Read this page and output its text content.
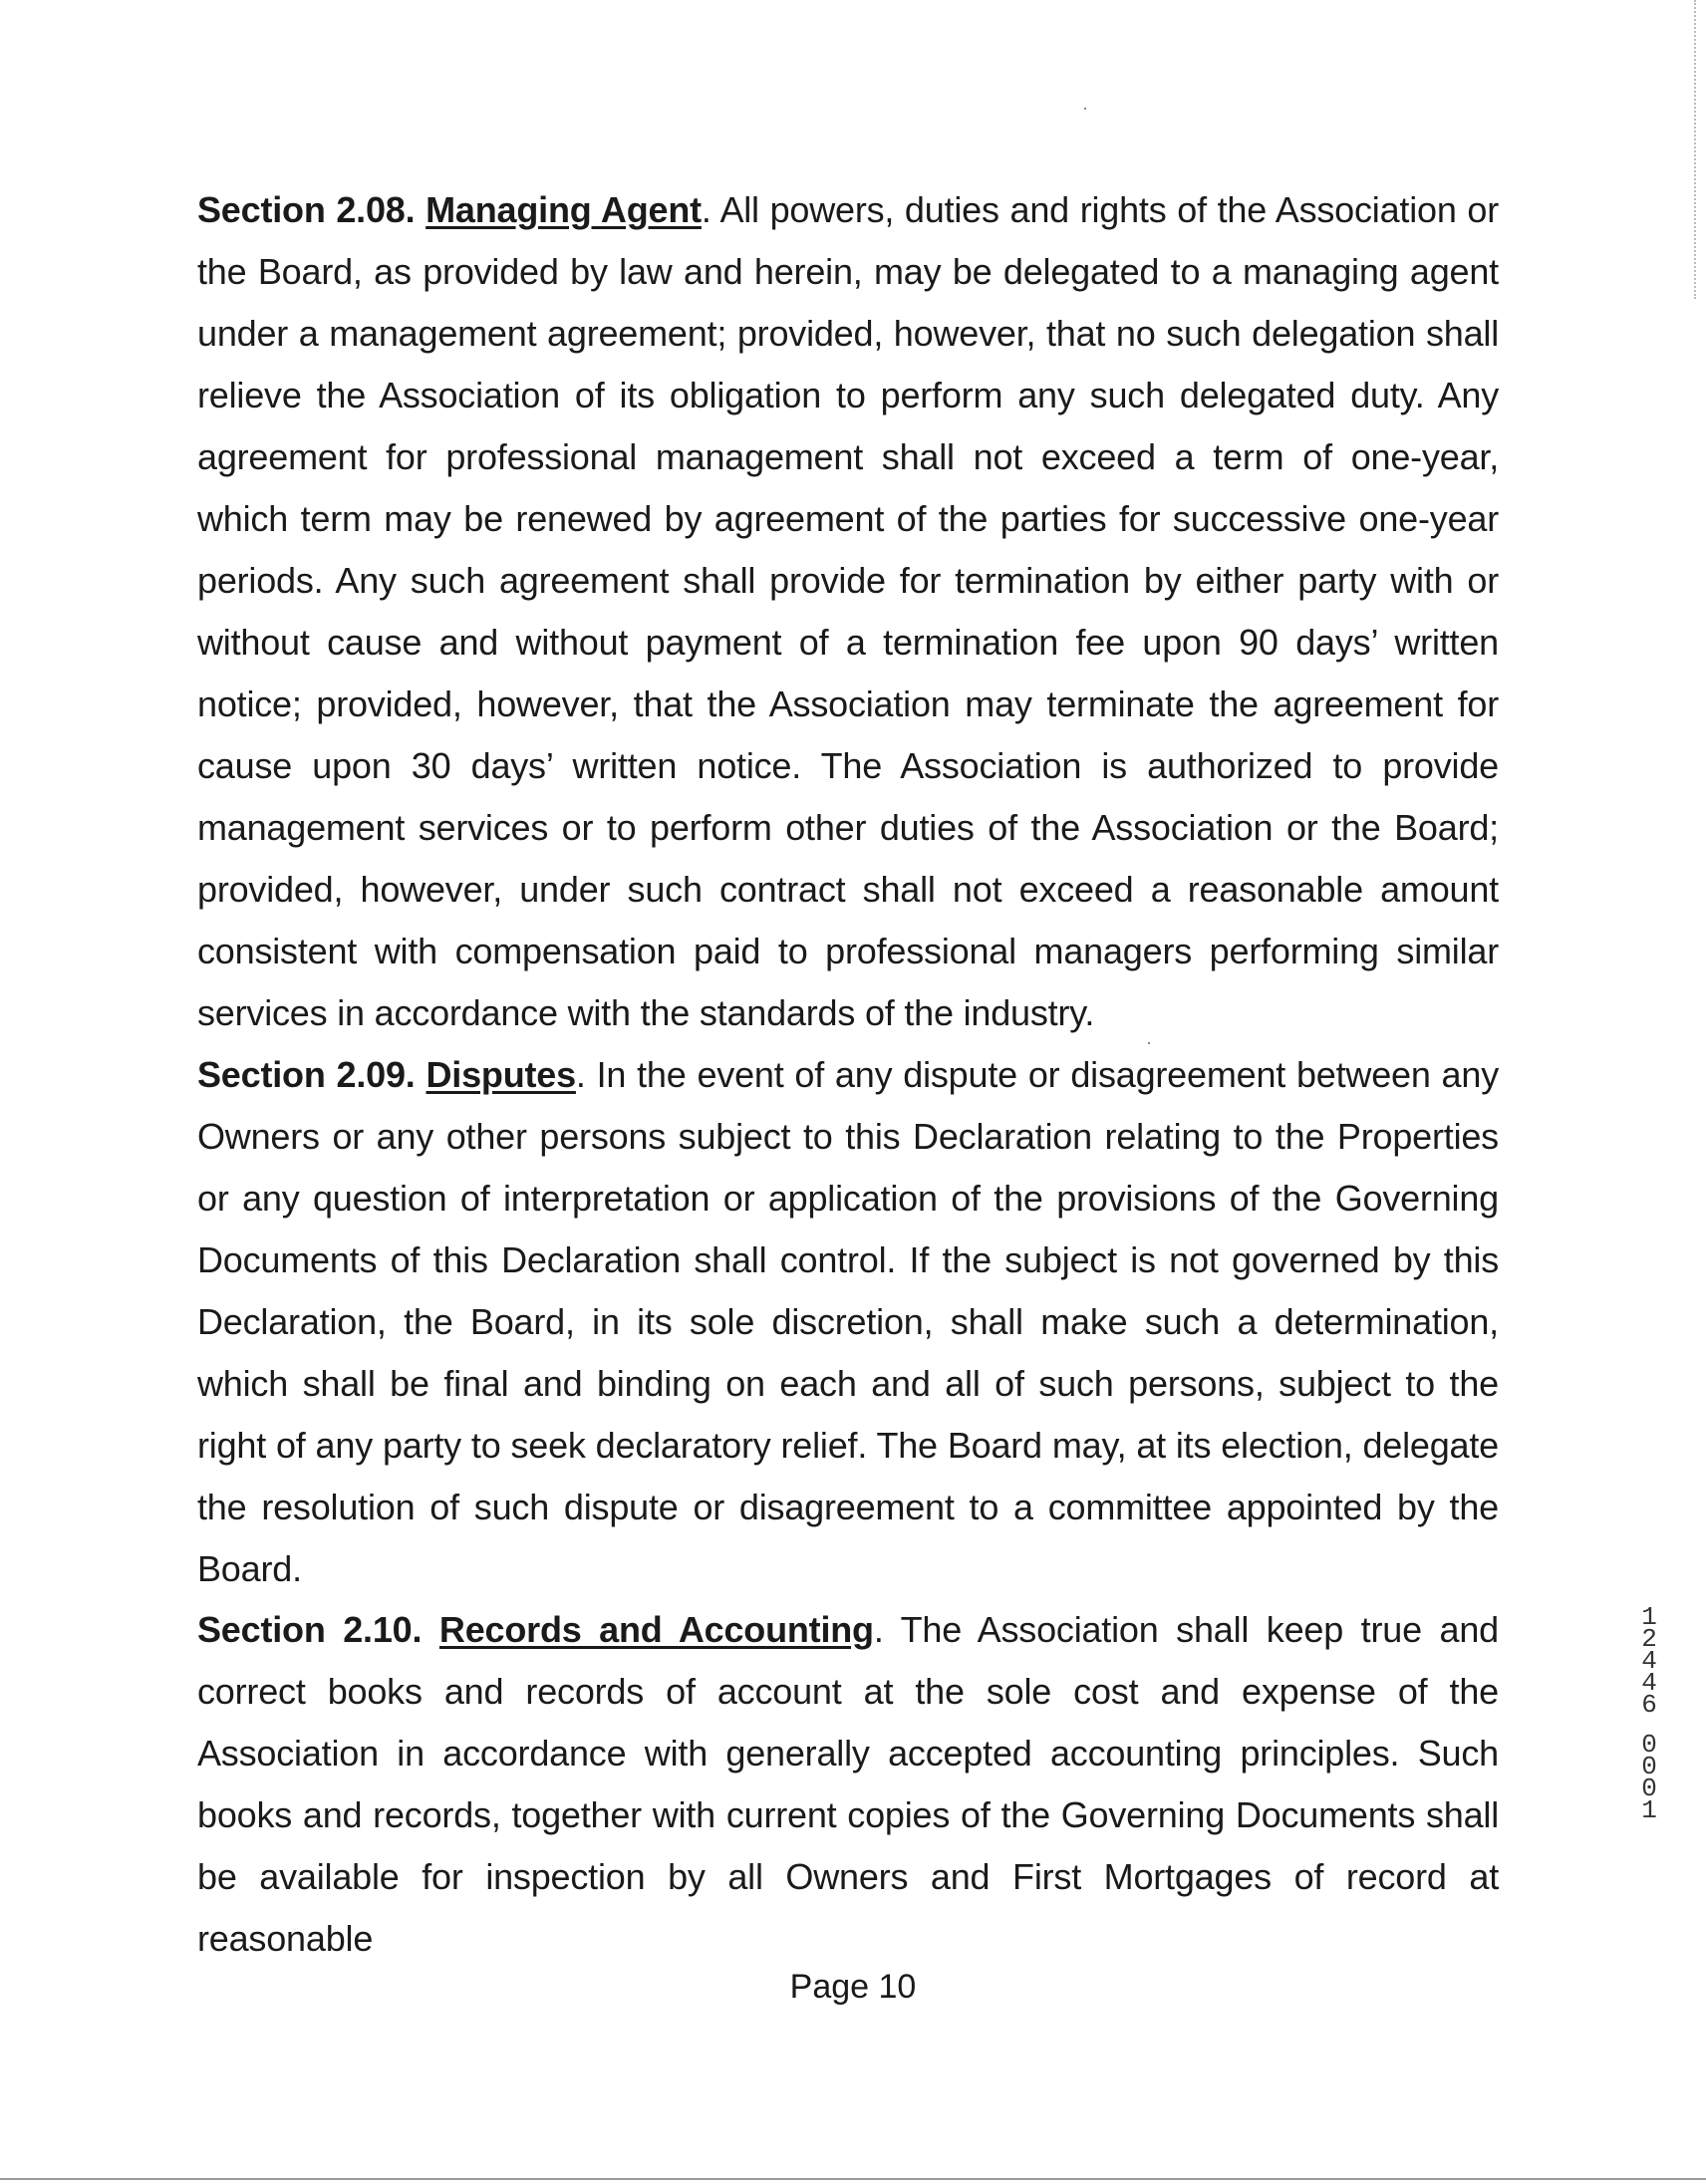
Section 2.08. Managing Agent. All powers, duties and rights of the Association or the Board, as provided by law and herein, may be delegated to a managing agent under a management agreement; provided, however, that no such delegation shall relieve the Association of its obligation to perform any such delegated duty. Any agreement for professional management shall not exceed a term of one-year, which term may be renewed by agreement of the parties for successive one-year periods. Any such agreement shall provide for termination by either party with or without cause and without payment of a termination fee upon 90 days’ written notice; provided, however, that the Association may terminate the agreement for cause upon 30 days’ written notice. The Association is authorized to provide management services or to perform other duties of the Association or the Board; provided, however, under such contract shall not exceed a reasonable amount consistent with compensation paid to professional managers performing similar services in accordance with the standards of the industry.

Section 2.09. Disputes. In the event of any dispute or disagreement between any Owners or any other persons subject to this Declaration relating to the Properties or any question of interpretation or application of the provisions of the Governing Documents of this Declaration shall control. If the subject is not governed by this Declaration, the Board, in its sole discretion, shall make such a determination, which shall be final and binding on each and all of such persons, subject to the right of any party to seek declaratory relief. The Board may, at its election, delegate the resolution of such dispute or disagreement to a committee appointed by the Board.

Section 2.10. Records and Accounting. The Association shall keep true and correct books and records of account at the sole cost and expense of the Association in accordance with generally accepted accounting principles. Such books and records, together with current copies of the Governing Documents shall be available for inspection by all Owners and First Mortgages of record at reasonable

1
2
4
4
6
0
0
0
1
Page 10
